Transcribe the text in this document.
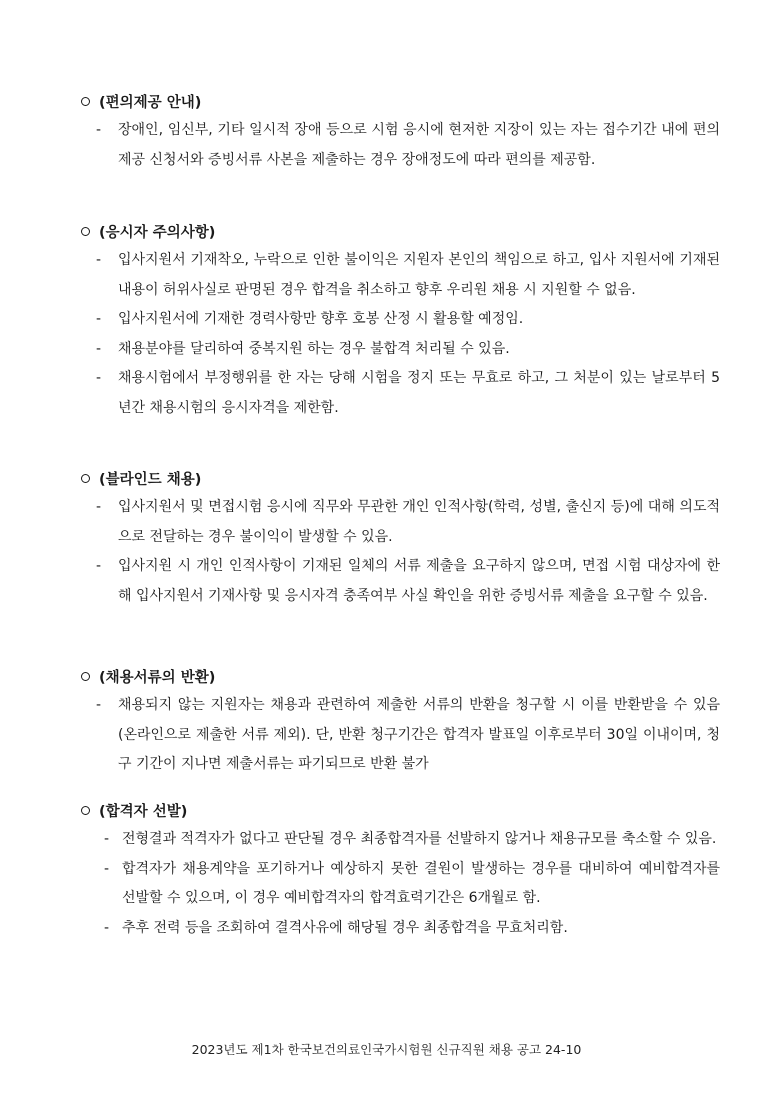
(편의제공 안내)
- 장애인, 임신부, 기타 일시적 장애 등으로 시험 응시에 현저한 지장이 있는 자는 접수기간 내에 편의제공 신청서와 증빙서류 사본을 제출하는 경우 장애정도에 따라 편의를 제공함.
(응시자 주의사항)
- 입사지원서 기재착오, 누락으로 인한 불이익은 지원자 본인의 책임으로 하고, 입사 지원서에 기재된 내용이 허위사실로 판명된 경우 합격을 취소하고 향후 우리원 채용 시 지원할 수 없음.
- 입사지원서에 기재한 경력사항만 향후 호봉 산정 시 활용할 예정임.
- 채용분야를 달리하여 중복지원 하는 경우 불합격 처리될 수 있음.
- 채용시험에서 부정행위를 한 자는 당해 시험을 정지 또는 무효로 하고, 그 처분이 있는 날로부터 5년간 채용시험의 응시자격을 제한함.
(블라인드 채용)
- 입사지원서 및 면접시험 응시에 직무와 무관한 개인 인적사항(학력, 성별, 출신지 등)에 대해 의도적으로 전달하는 경우 불이익이 발생할 수 있음.
- 입사지원 시 개인 인적사항이 기재된 일체의 서류 제출을 요구하지 않으며, 면접 시험 대상자에 한해 입사지원서 기재사항 및 응시자격 충족여부 사실 확인을 위한 증빙서류 제출을 요구할 수 있음.
(채용서류의 반환)
- 채용되지 않는 지원자는 채용과 관련하여 제출한 서류의 반환을 청구할 시 이를 반환받을 수 있음(온라인으로 제출한 서류 제외). 단, 반환 청구기간은 합격자 발표일 이후로부터 30일 이내이며, 청구 기간이 지나면 제출서류는 파기되므로 반환 불가
(합격자 선발)
- 전형결과 적격자가 없다고 판단될 경우 최종합격자를 선발하지 않거나 채용규모를 축소할 수 있음.
- 합격자가 채용계약을 포기하거나 예상하지 못한 결원이 발생하는 경우를 대비하여 예비합격자를 선발할 수 있으며, 이 경우 예비합격자의 합격효력기간은 6개월로 함.
- 추후 전력 등을 조회하여 결격사유에 해당될 경우 최종합격을 무효처리함.
2023년도 제1차 한국보건의료인국가시험원 신규직원 채용 공고 24-10
